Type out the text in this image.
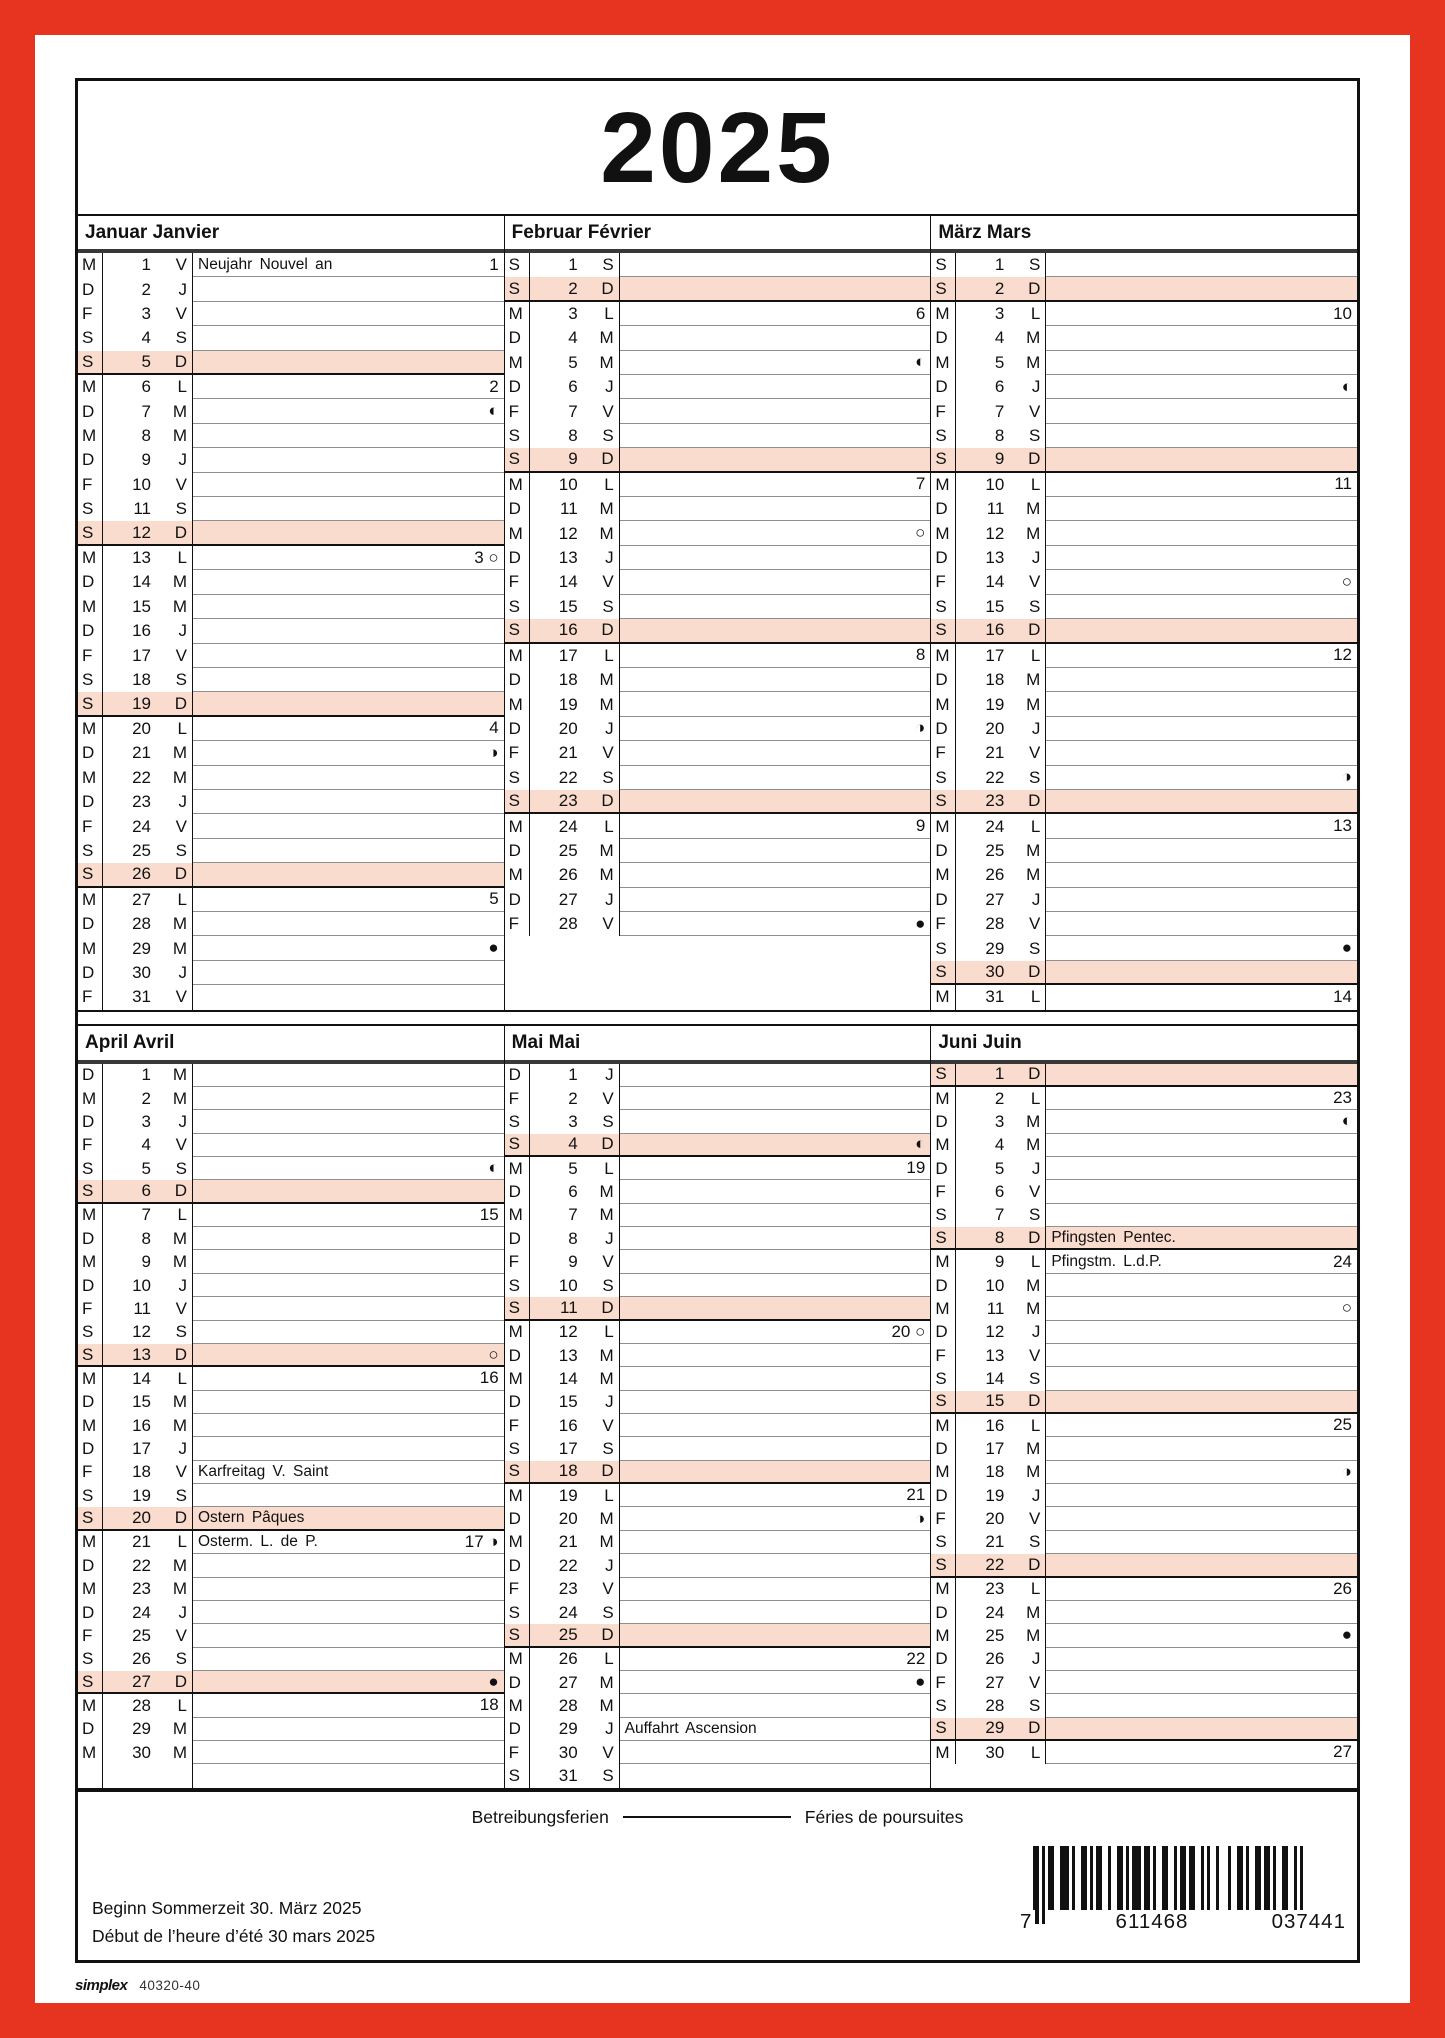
2025
Januar Janvier
M	1	V Neujahr Nouvel an	1
D	2	J
F	3	V
S	4	S
S	5	D
M	6	L	2
D	7	M	◐
M	8	M
D	9	J
F	10	V
S	11	S
S	12	D
M	13	L	3 ○
D	14	M
M	15	M
D	16	J
F	17	V
S	18	S
S	19	D
M	20	L	4
D	21	M	◑
M	22	M
D	23	J
F	24	V
S	25	S
S	26	D
M	27	L	5
D	28	M
M	29	M	●
D	30	J
F	31	V
Februar Février
S	1	S
S	2	D
M	3	L	6
D	4	M
M	5	M	◐
D	6	J
F	7	V
S	8	S
S	9	D
M	10	L	7
D	11	M
M	12	M	○
D	13	J
F	14	V
S	15	S
S	16	D
M	17	L	8
D	18	M
M	19	M
D	20	J	◑
F	21	V
S	22	S
S	23	D
M	24	L	9
D	25	M
M	26	M
D	27	J
F	28	V	●
März Mars
S	1	S
S	2	D
M	3	L	10
D	4	M
M	5	M
D	6	J	◐
F	7	V
S	8	S
S	9	D
M	10	L	11
D	11	M
M	12	M
D	13	J
F	14	V	○
S	15	S
S	16	D
M	17	L	12
D	18	M
M	19	M
D	20	J
F	21	V
S	22	S	◑
S	23	D
M	24	L	13
D	25	M
M	26	M
D	27	J
F	28	V
S	29	S	●
S	30	D
M	31	L	14
April Avril
D	1	M
M	2	M
D	3	J
F	4	V
S	5	S	◐
S	6	D
M	7	L	15
D	8	M
M	9	M
D	10	J
F	11	V
S	12	S
S	13	D	○
M	14	L	16
D	15	M
M	16	M
D	17	J
F	18	V Karfreitag V. Saint
S	19	S
S	20	D Ostern Pâques
M	21	L Osterm. L. de P.	17 ◑
D	22	M
M	23	M
D	24	J
F	25	V
S	26	S
S	27	D	●
M	28	L	18
D	29	M
M	30	M
Mai Mai
D	1	J
F	2	V
S	3	S
S	4	D	◐
M	5	L	19
D	6	M
M	7	M
D	8	J
F	9	V
S	10	S
S	11	D
M	12	L	20 ○
D	13	M
M	14	M
D	15	J
F	16	V
S	17	S
S	18	D
M	19	L	21
D	20	M	◑
M	21	M
D	22	J
F	23	V
S	24	S
S	25	D
M	26	L	22
D	27	M	●
M	28	M
D	29	J Auffahrt Ascension
F	30	V
S	31	S
Juni Juin
S	1	D
M	2	L	23
D	3	M	◐
M	4	M
D	5	J
F	6	V
S	7	S
S	8	D Pfingsten Pentec.
M	9	L Pfingstm. L.d.P.	24
D	10	M
M	11	M	○
D	12	J
F	13	V
S	14	S
S	15	D
M	16	L	25
D	17	M
M	18	M	◑
D	19	J
F	20	V
S	21	S
S	22	D
M	23	L	26
D	24	M
M	25	M	●
D	26	J
F	27	V
S	28	S
S	29	D
M	30	L	27
Betreibungsferien	Féries de poursuites
Beginn Sommerzeit 30. März 2025
Début de l’heure d’été 30 mars 2025
7	611468	037441
simplex 40320-40
